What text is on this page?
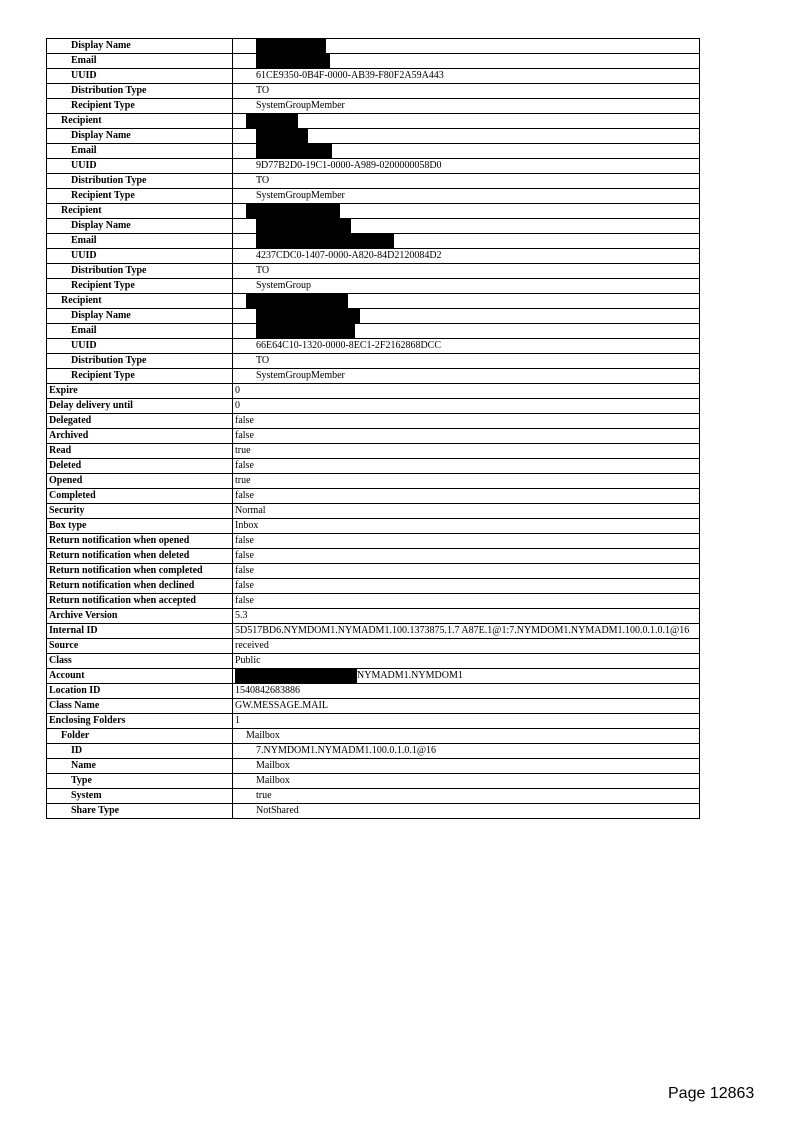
Display Name	
Email	
UUID	61CE9350-0B4F-0000-AB39-F80F2A59A443
Distribution Type	TO
Recipient Type	SystemGroupMember
Recipient	
Display Name	
Email	
UUID	9D77B2D0-19C1-0000-A989-0200000058D0
Distribution Type	TO
Recipient Type	SystemGroupMember
Recipient	
Display Name	
Email	
UUID	4237CDC0-1407-0000-A820-84D2120084D2
Distribution Type	TO
Recipient Type	SystemGroup
Recipient	
Display Name	
Email	
UUID	66E64C10-1320-0000-8EC1-2F2162868DCC
Distribution Type	TO
Recipient Type	SystemGroupMember
Expire	0
Delay delivery until	0
Delegated	false
Archived	false
Read	true
Deleted	false
Opened	true
Completed	false
Security	Normal
Box type	Inbox
Return notification when opened	false
Return notification when deleted	false
Return notification when completed	false
Return notification when declined	false
Return notification when accepted	false
Archive Version	5.3
Internal ID	5D517BD6.NYMDOM1.NYMADM1.100.1373875.1.7 A87E.1@1:7.NYMDOM1.NYMADM1.100.0.1.0.1@16
Source	received
Class	Public
Account	NYMADM1.NYMDOM1
Location ID	1540842683886
Class Name	GW.MESSAGE.MAIL
Enclosing Folders	1
Folder	Mailbox
ID	7.NYMDOM1.NYMADM1.100.0.1.0.1@16
Name	Mailbox
Type	Mailbox
System	true
Share Type	NotShared
Page 12863
